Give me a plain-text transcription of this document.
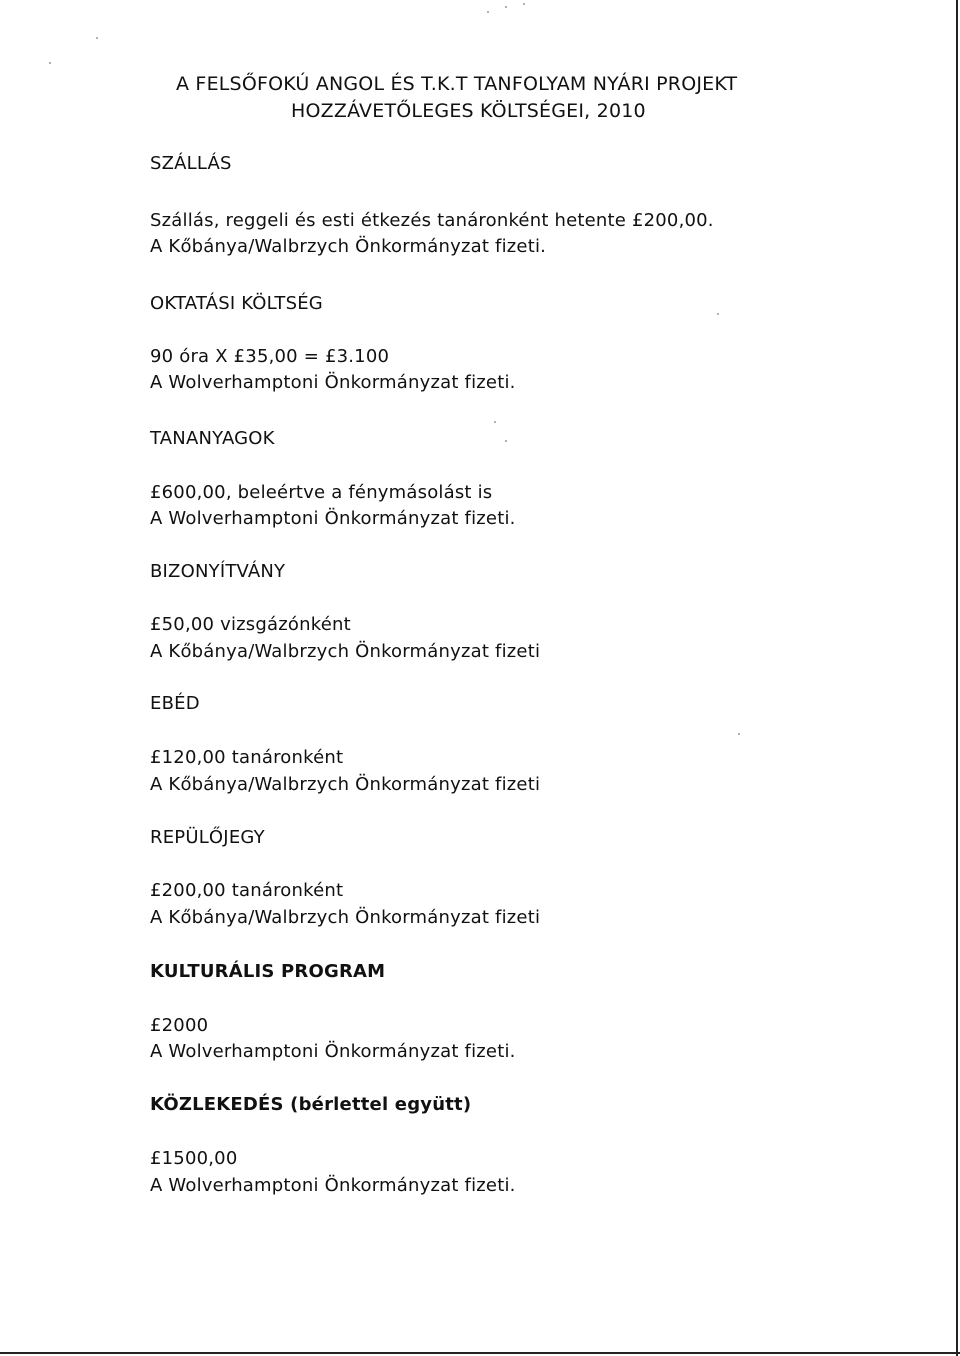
A FELSŐFOKÚ ANGOL ÉS T.K.T TANFOLYAM NYÁRI PROJEKT
HOZZÁVETŐLEGES KÖLTSÉGEI, 2010
SZÁLLÁS
Szállás, reggeli és esti étkezés tanáronként hetente £200,00.
A Kőbánya/Walbrzych Önkormányzat fizeti.
OKTATÁSI KÖLTSÉG
90 óra X £35,00 = £3.100
A Wolverhamptoni Önkormányzat fizeti.
TANANYAGOK
£600,00, beleértve a fénymásolást is
A Wolverhamptoni Önkormányzat fizeti.
BIZONYÍTVÁNY
£50,00 vizsgázónként
A Kőbánya/Walbrzych Önkormányzat fizeti
EBÉD
£120,00 tanáronként
A Kőbánya/Walbrzych Önkormányzat fizeti
REPÜLŐJEGY
£200,00 tanáronként
A Kőbánya/Walbrzych Önkormányzat fizeti
KULTURÁLIS PROGRAM
£2000
A Wolverhamptoni Önkormányzat fizeti.
KÖZLEKEDÉS (bérlettel együtt)
£1500,00
A Wolverhamptoni Önkormányzat fizeti.
